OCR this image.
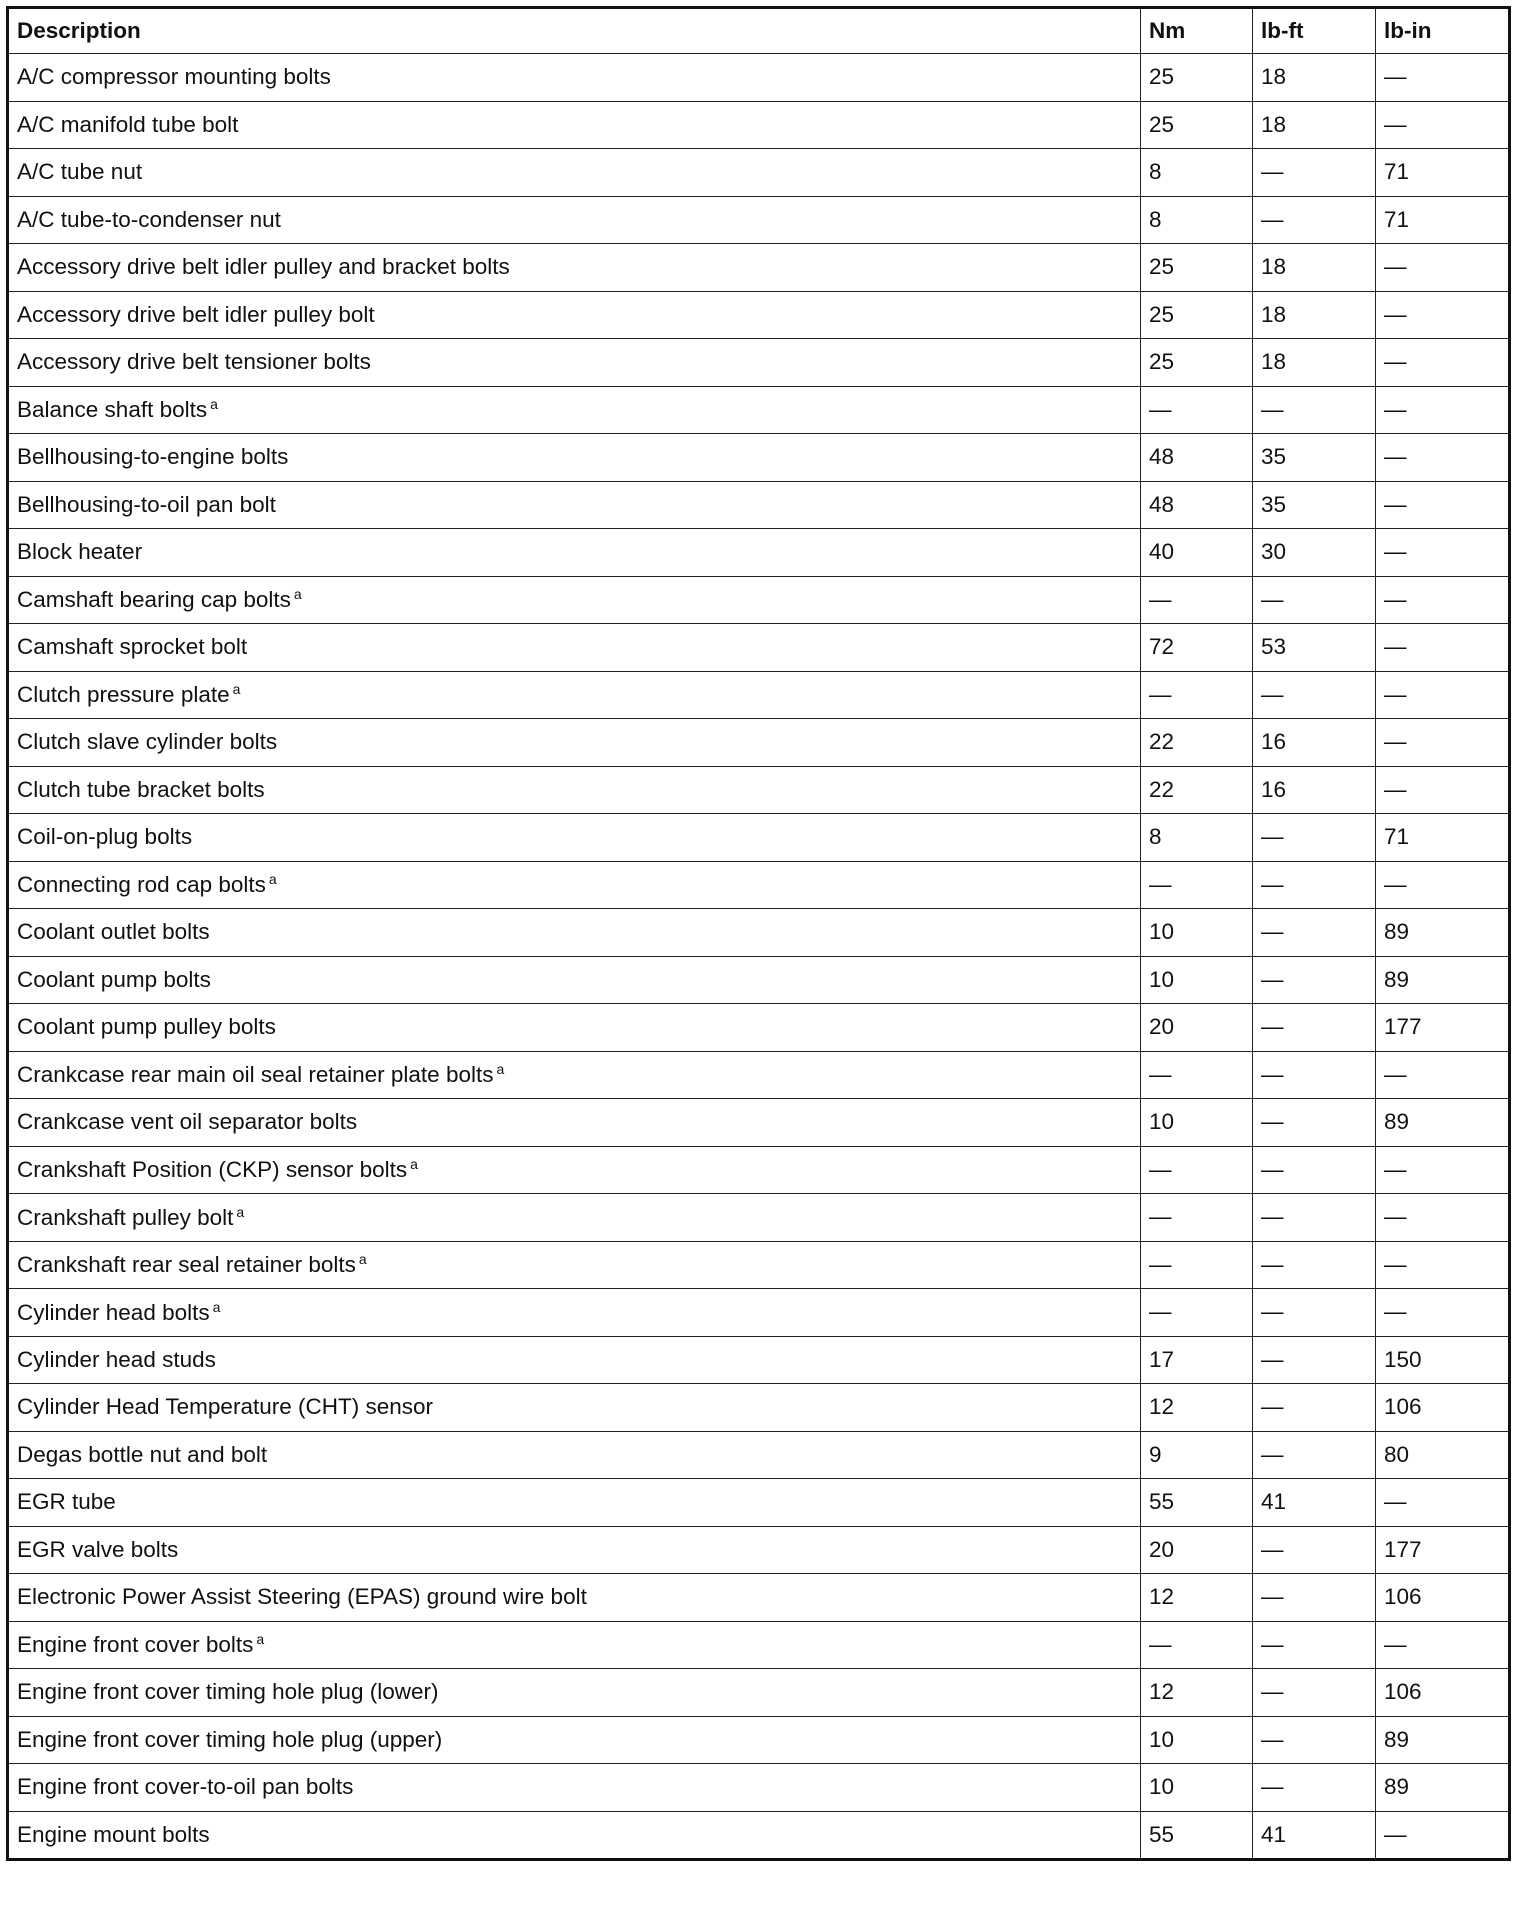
Description	Nm	lb-ft	lb-in
A/C compressor mounting bolts	25	18	—
A/C manifold tube bolt	25	18	—
A/C tube nut	8	—	71
A/C tube-to-condenser nut	8	—	71
Accessory drive belt idler pulley and bracket bolts	25	18	—
Accessory drive belt idler pulley bolt	25	18	—
Accessory drive belt tensioner bolts	25	18	—
Balance shaft bolts $^a$	—	—	—
Bellhousing-to-engine bolts	48	35	—
Bellhousing-to-oil pan bolt	48	35	—
Block heater	40	30	—
Camshaft bearing cap bolts $^a$	—	—	—
Camshaft sprocket bolt	72	53	—
Clutch pressure plate $^a$	—	—	—
Clutch slave cylinder bolts	22	16	—
Clutch tube bracket bolts	22	16	—
Coil-on-plug bolts	8	—	71
Connecting rod cap bolts $^a$	—	—	—
Coolant outlet bolts	10	—	89
Coolant pump bolts	10	—	89
Coolant pump pulley bolts	20	—	177
Crankcase rear main oil seal retainer plate bolts $^a$	—	—	—
Crankcase vent oil separator bolts	10	—	89
Crankshaft Position (CKP) sensor bolts $^a$	—	—	—
Crankshaft pulley bolt $^a$	—	—	—
Crankshaft rear seal retainer bolts $^a$	—	—	—
Cylinder head bolts $^a$	—	—	—
Cylinder head studs	17	—	150
Cylinder Head Temperature (CHT) sensor	12	—	106
Degas bottle nut and bolt	9	—	80
EGR tube	55	41	—
EGR valve bolts	20	—	177
Electronic Power Assist Steering (EPAS) ground wire bolt	12	—	106
Engine front cover bolts $^a$	—	—	—
Engine front cover timing hole plug (lower)	12	—	106
Engine front cover timing hole plug (upper)	10	—	89
Engine front cover-to-oil pan bolts	10	—	89
Engine mount bolts	55	41	—
